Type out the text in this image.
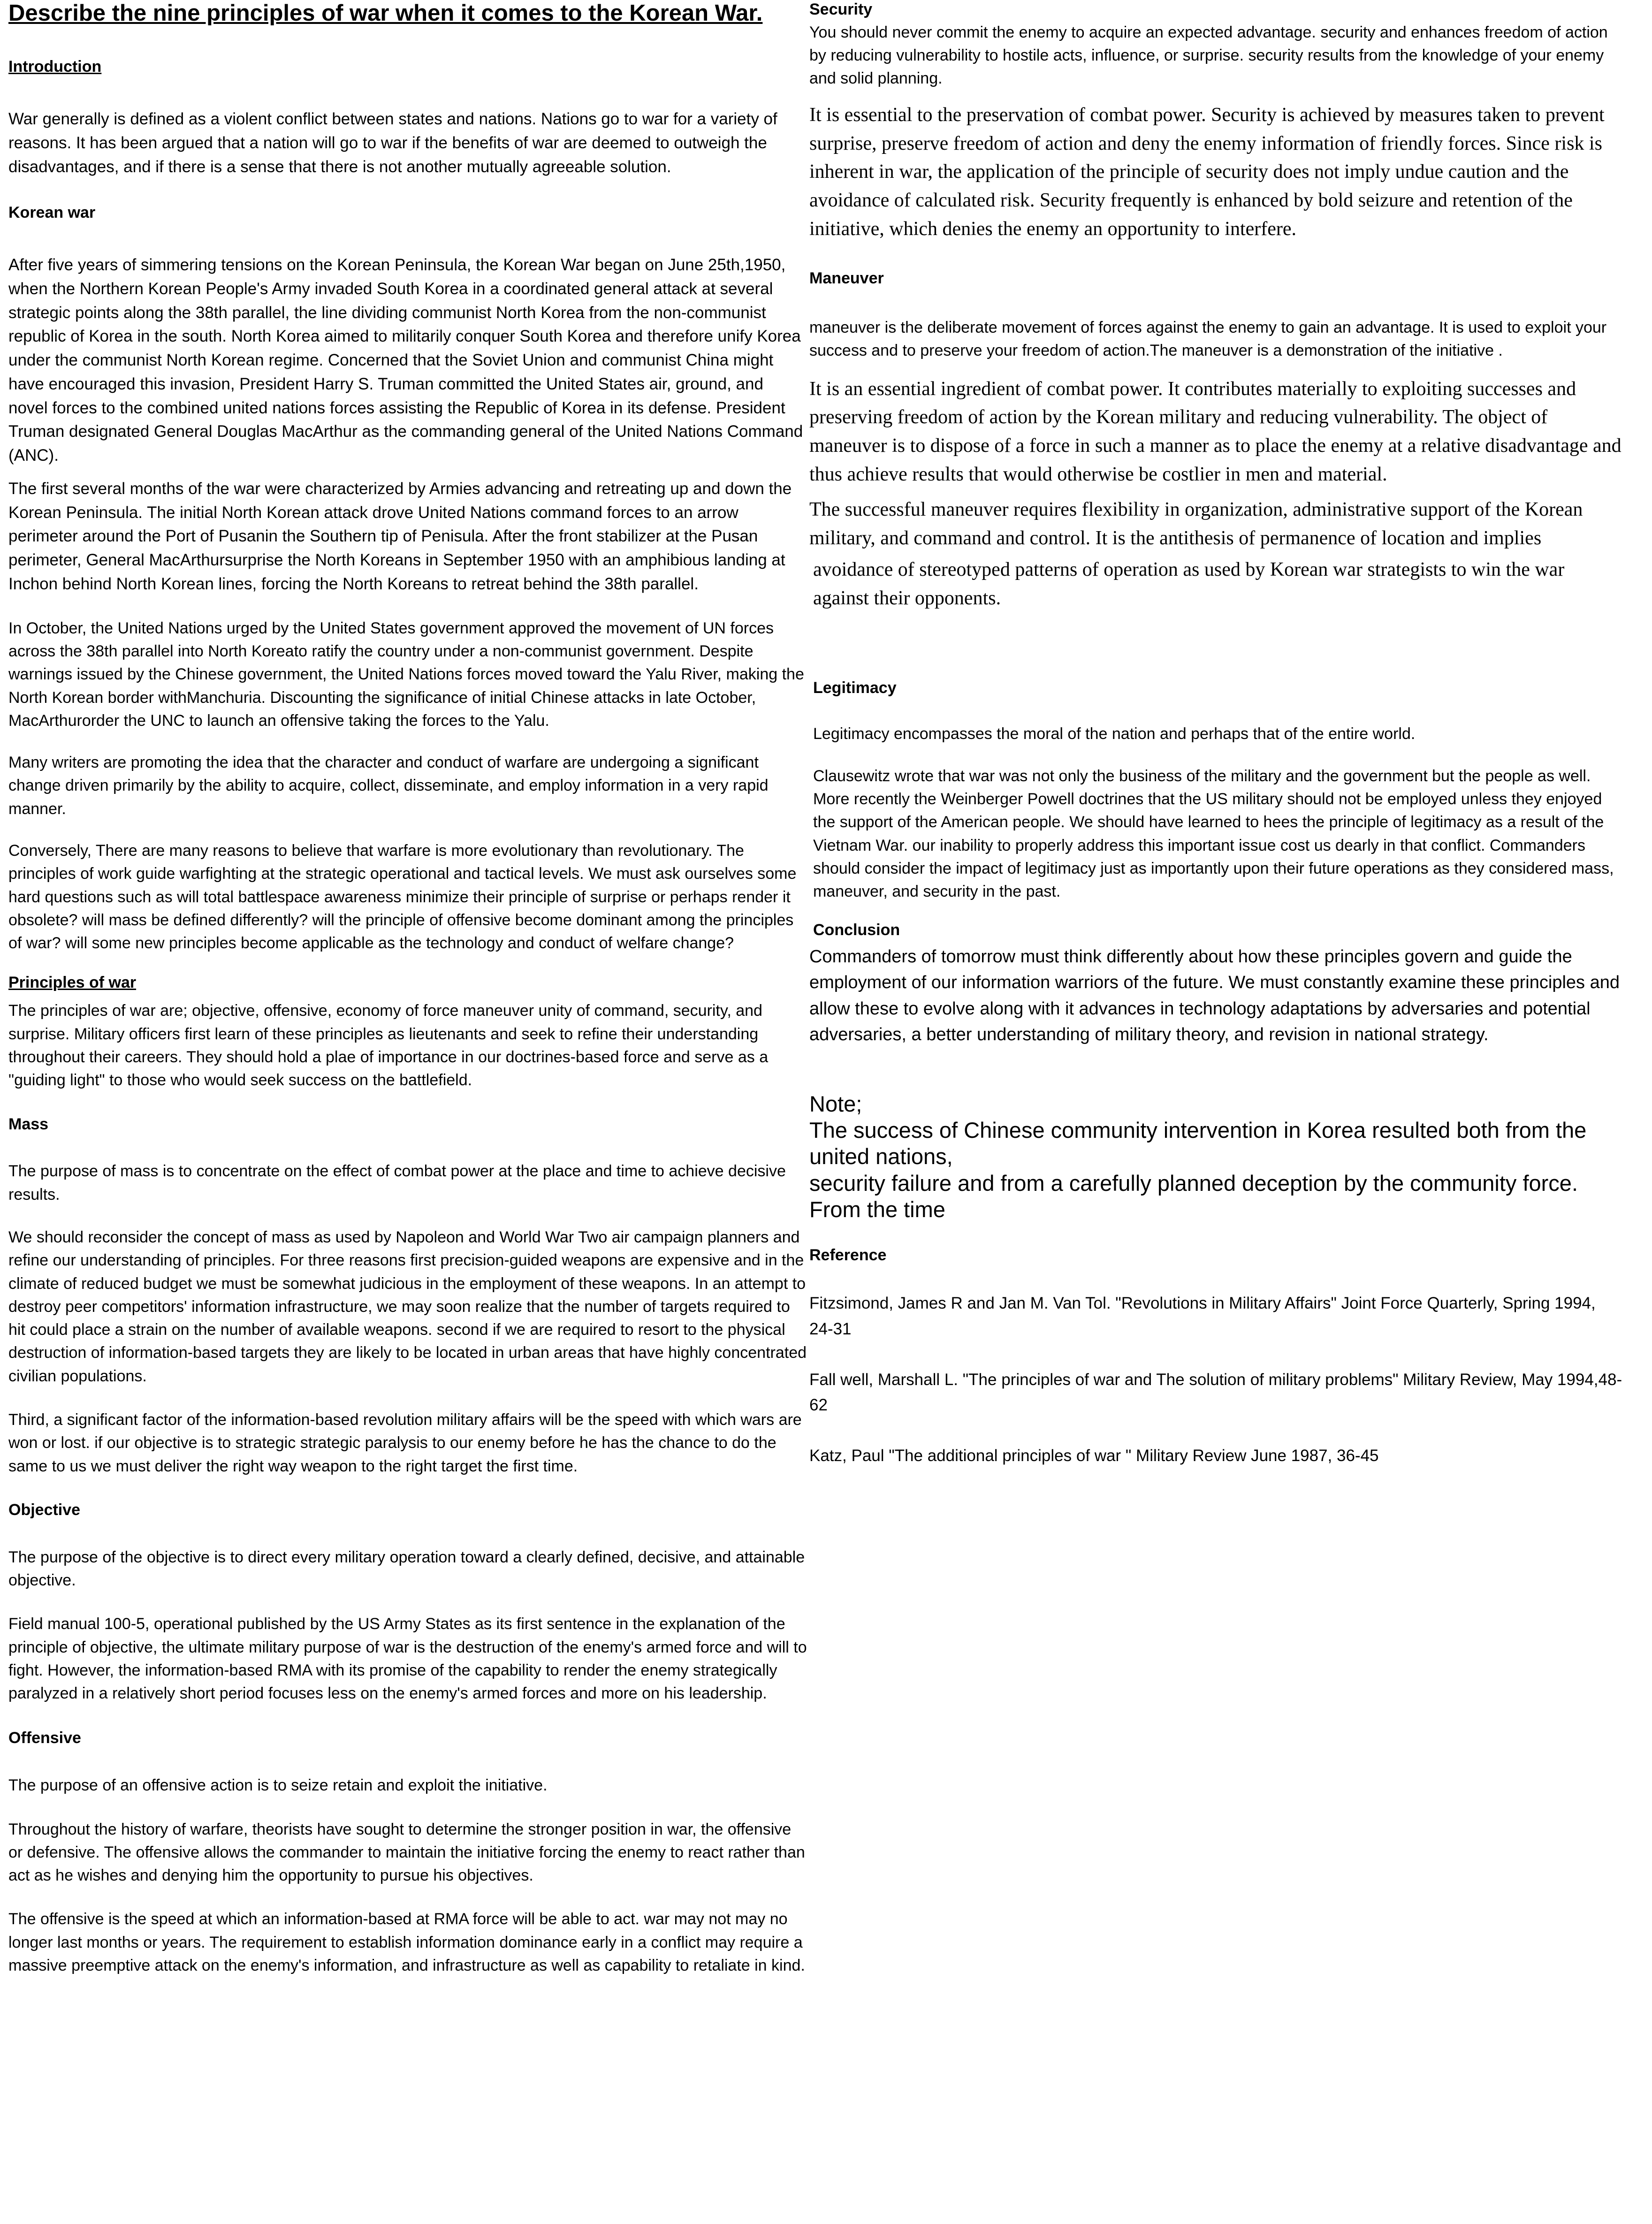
Describe the nine principles of war when it comes to the Korean War.
Introduction

War generally is defined as a violent conflict between states and nations. Nations go to war for a variety of reasons. It has been argued that a nation will go to war if the benefits of war are deemed to outweigh the disadvantages, and if there is a sense that there is not another mutually agreeable solution.

Korean war

After five years of simmering tensions on the Korean Peninsula, the Korean War began on June 25th,1950, when the Northern Korean People's Army invaded South Korea in a coordinated general attack at several strategic points along the 38th parallel, the line dividing communist North Korea from the non-communist republic of Korea in the south. North Korea aimed to militarily conquer South Korea and therefore unify Korea under the communist North Korean regime. Concerned that the Soviet Union and communist China might have encouraged this invasion, President Harry S. Truman committed the United States air, ground, and novel forces to the combined united nations forces assisting the Republic of Korea in its defense. President Truman designated General Douglas MacArthur as the commanding general of the United Nations Command (ANC).

The first several months of the war were characterized by Armies advancing and retreating up and down the Korean Peninsula. The initial North Korean attack drove United Nations command forces to an arrow perimeter around the Port of Pusanin the Southern tip of Penisula. After the front stabilizer at the Pusan perimeter, General MacArthursurprise the North Koreans in September 1950 with an amphibious landing at Inchon behind North Korean lines, forcing the North Koreans to retreat behind the 38th parallel.

In October, the United Nations urged by the United States government approved the movement of UN forces across the 38th parallel into North Koreato ratify the country under a non-communist government. Despite warnings issued by the Chinese government, the United Nations forces moved toward the Yalu River, making the North Korean border withManchuria. Discounting the significance of initial Chinese attacks in late October, MacArthurorder the UNC to launch an offensive taking the forces to the Yalu.

Many writers are promoting the idea that the character and conduct of warfare are undergoing a significant change driven primarily by the ability to acquire, collect, disseminate, and employ information in a very rapid manner.

Conversely, There are many reasons to believe that warfare is more evolutionary than revolutionary. The principles of work guide warfighting at the strategic operational and tactical levels. We must ask ourselves some hard questions such as will total battlespace awareness minimize their principle of surprise or perhaps render it obsolete? will mass be defined differently? will the principle of offensive become dominant among the principles of war? will some new principles become applicable as the technology and conduct of welfare change?

Principles of war

The principles of war are; objective, offensive, economy of force maneuver unity of command, security, and surprise. Military officers first learn of these principles as lieutenants and seek to refine their understanding throughout their careers. They should hold a plae of importance in our doctrines-based force and serve as a "guiding light" to those who would seek success on the battlefield.

Mass

The purpose of mass is to concentrate on the effect of combat power at the place and time to achieve decisive results.

We should reconsider the concept of mass as used by Napoleon and World War Two air campaign planners and refine our understanding of principles. For three reasons first precision-guided weapons are expensive and in the climate of reduced budget we must be somewhat judicious in the employment of these weapons. In an attempt to destroy peer competitors' information infrastructure, we may soon realize that the number of targets required to hit could place a strain on the number of available weapons. second if we are required to resort to the physical destruction of information-based targets they are likely to be located in urban areas that have highly concentrated civilian populations.

Third, a significant factor of the information-based revolution military affairs will be the speed with which wars are won or lost. if our objective is to strategic strategic paralysis to our enemy before he has the chance to do the same to us we must deliver the right way weapon to the right target the first time.

Objective

The purpose of the objective is to direct every military operation toward a clearly defined, decisive, and attainable objective.

Field manual 100-5, operational published by the US Army States as its first sentence in the explanation of the principle of objective, the ultimate military purpose of war is the destruction of the enemy's armed force and will to fight. However, the information-based RMA with its promise of the capability to render the enemy strategically paralyzed in a relatively short period focuses less on the enemy's armed forces and more on his leadership.

Offensive

The purpose of an offensive action is to seize retain and exploit the initiative.

Throughout the history of warfare, theorists have sought to determine the stronger position in war, the offensive or defensive. The offensive allows the commander to maintain the initiative forcing the enemy to react rather than act as he wishes and denying him the opportunity to pursue his objectives.

The offensive is the speed at which an information-based at RMA force will be able to act. war may not may no longer last months or years. The requirement to establish information dominance early in a conflict may require a massive preemptive attack on the enemy's information, and infrastructure as well as capability to retaliate in kind.

Security

You should never commit the enemy to acquire an expected advantage. security and enhances freedom of action by reducing vulnerability to hostile acts, influence, or surprise. security results from the knowledge of your enemy and solid planning.

It is essential to the preservation of combat power. Security is achieved by measures taken to prevent surprise, preserve freedom of action and deny the enemy information of friendly forces. Since risk is inherent in war, the application of the principle of security does not imply undue caution and the avoidance of calculated risk. Security frequently is enhanced by bold seizure and retention of the initiative, which denies the enemy an opportunity to interfere.

Maneuver

maneuver is the deliberate movement of forces against the enemy to gain an advantage. It is used to exploit your success and to preserve your freedom of action.The maneuver is a demonstration of the initiative .

It is an essential ingredient of combat power. It contributes materially to exploiting successes and preserving freedom of action by the Korean military and reducing vulnerability. The object of maneuver is to dispose of a force in such a manner as to place the enemy at a relative disadvantage and thus achieve results that would otherwise be costlier in men and material.

The successful maneuver requires flexibility in organization, administrative support of the Korean military, and command and control. It is the antithesis of permanence of location and implies

avoidance of stereotyped patterns of operation as used by Korean war strategists to win the war against their opponents.

Legitimacy

Legitimacy encompasses the moral of the nation and perhaps that of the entire world.

Clausewitz wrote that war was not only the business of the military and the government but the people as well. More recently the Weinberger Powell doctrines that the US military should not be employed unless they enjoyed the support of the American people. We should have learned to hees the principle of legitimacy as a result of the Vietnam War. our inability to properly address this important issue cost us dearly in that conflict. Commanders should consider the impact of legitimacy just as importantly upon their future operations as they considered mass, maneuver, and security in the past.

Conclusion

Commanders of tomorrow must think differently about how these principles govern and guide the employment of our information warriors of the future. We must constantly examine these principles and allow these to evolve along with it advances in technology adaptations by adversaries and potential adversaries, a better understanding of military theory, and revision in national strategy.

Note;

The success of Chinese community intervention in Korea resulted both from the united nations,

security failure and from a carefully planned deception by the community force. From the time

Reference

Fitzsimond, James R and Jan M. Van Tol. "Revolutions in Military Affairs" Joint Force Quarterly, Spring 1994, 24-31

Fall well, Marshall L. "The principles of war and The solution of military problems" Military Review, May 1994,48-62

Katz, Paul "The additional principles of war " Military Review June 1987, 36-45
